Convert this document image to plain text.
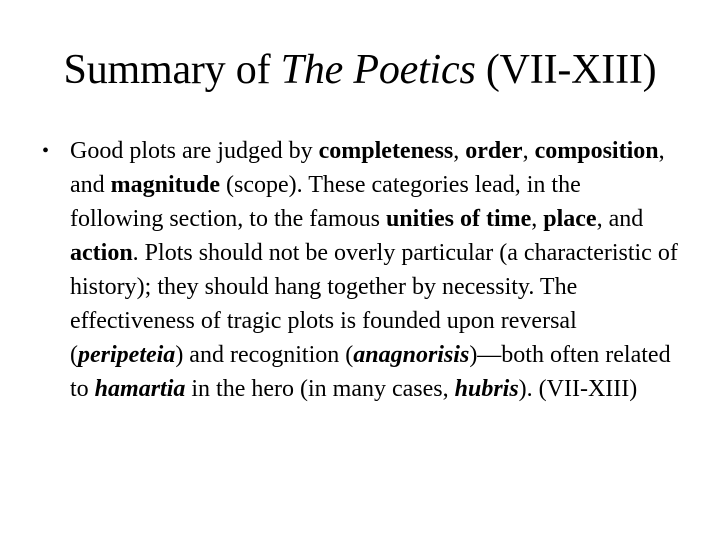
Summary of The Poetics (VII-XIII)
• Good plots are judged by completeness, order, composition, and magnitude (scope). These categories lead, in the following section, to the famous unities of time, place, and action. Plots should not be overly particular (a characteristic of history); they should hang together by necessity. The effectiveness of tragic plots is founded upon reversal (peripeteia) and recognition (anagnorisis)—both often related to hamartia in the hero (in many cases, hubris). (VII-XIII)
